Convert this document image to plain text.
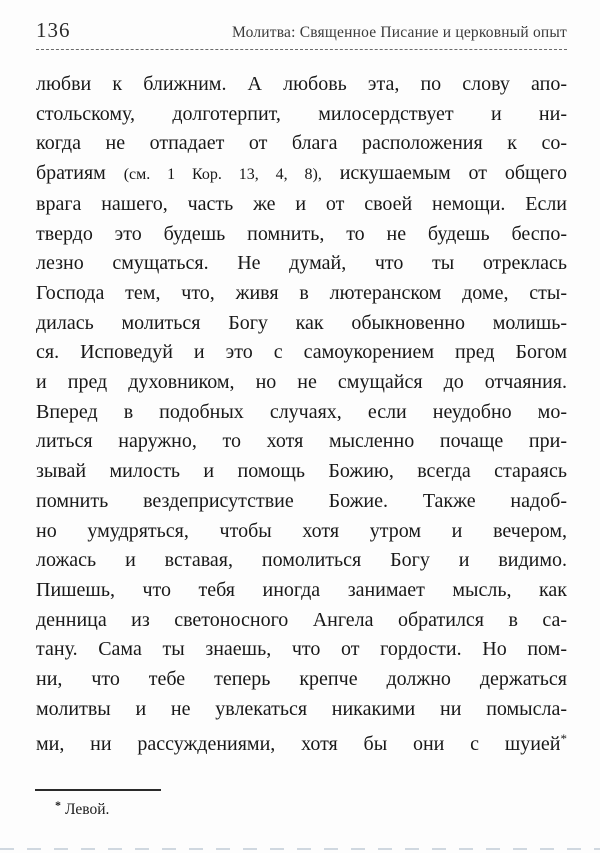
136	Молитва: Священное Писание и церковный опыт
любви к ближним. А любовь эта, по слову апо-
стольскому, долготерпит, милосердствует и ни-
когда не отпадает от блага расположения к со-
братиям (см. 1 Кор. 13, 4, 8), искушаемым от общего
врага нашего, часть же и от своей немощи. Если
твердо это будешь помнить, то не будешь беспо-
лезно смущаться. Не думай, что ты отреклась
Господа тем, что, живя в лютеранском доме, сты-
дилась молиться Богу как обыкновенно молишь-
ся. Исповедуй и это с самоукорением пред Богом
и пред духовником, но не смущайся до отчаяния.
Вперед в подобных случаях, если неудобно мо-
литься наружно, то хотя мысленно почаще при-
зывай милость и помощь Божию, всегда стараясь
помнить вездеприсутствие Божие. Также надоб-
но умудряться, чтобы хотя утром и вечером,
ложась и вставая, помолиться Богу и видимо.
Пишешь, что тебя иногда занимает мысль, как
денница из светоносного Ангела обратился в са-
тану. Сама ты знаешь, что от гордости. Но пом-
ни, что тебе теперь крепче должно держаться
молитвы и не увлекаться никакими ни помысла-
ми, ни рассуждениями, хотя бы они с шуией*
* Левой.
